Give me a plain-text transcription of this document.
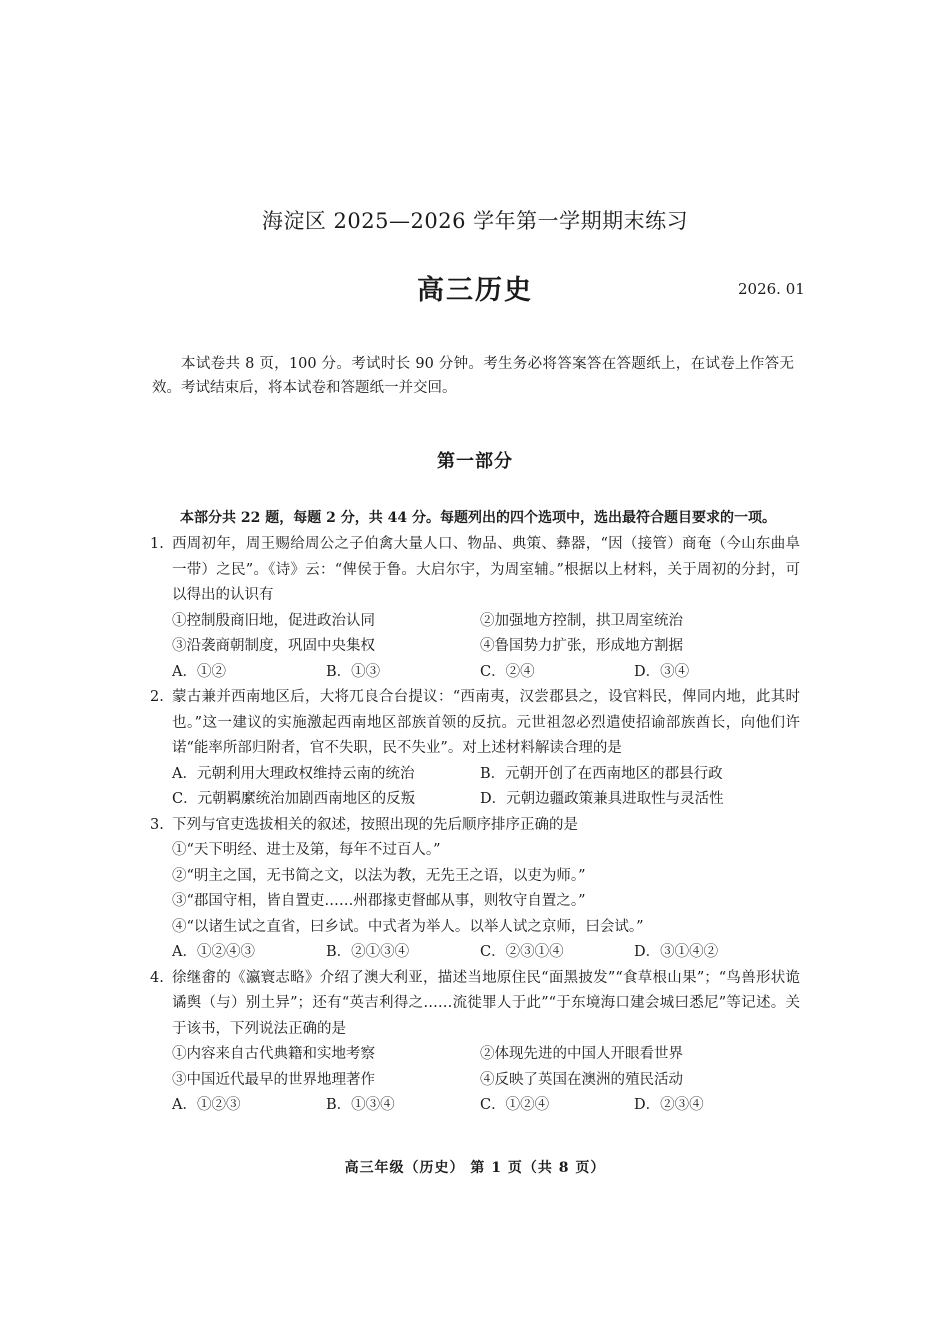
海淀区 2025—2026 学年第一学期期末练习
高三历史	2026. 01
本试卷共 8 页，100 分。考试时长 90 分钟。考生务必将答案答在答题纸上，在试卷上作答无效。考试结束后，将本试卷和答题纸一并交回。
第一部分
本部分共 22 题，每题 2 分，共 44 分。每题列出的四个选项中，选出最符合题目要求的一项。
1. 西周初年，周王赐给周公之子伯禽大量人口、物品、典策、彝器，“因（接管）商奄（今山东曲阜一带）之民”。《诗》云：“俾侯于鲁。大启尔宇，为周室辅。”根据以上材料，关于周初的分封，可以得出的认识有
①控制殷商旧地，促进政治认同	②加强地方控制，拱卫周室统治
③沿袭商朝制度，巩固中央集权	④鲁国势力扩张，形成地方割据
A．①②	B．①③	C．②④	D．③④
2. 蒙古兼并西南地区后，大将兀良合台提议：“西南夷，汉尝郡县之，设官料民，俾同内地，此其时也。”这一建议的实施激起西南地区部族首领的反抗。元世祖忽必烈遣使招谕部族酋长，向他们许诺“能率所部归附者，官不失职，民不失业”。对上述材料解读合理的是
A．元朝利用大理政权维持云南的统治	B．元朝开创了在西南地区的郡县行政
C．元朝羁縻统治加剧西南地区的反叛	D．元朝边疆政策兼具进取性与灵活性
3. 下列与官吏选拔相关的叙述，按照出现的先后顺序排序正确的是
①“天下明经、进士及第，每年不过百人。”
②“明主之国，无书简之文，以法为教，无先王之语，以吏为师。”
③“郡国守相，皆自置吏……州郡掾吏督邮从事，则牧守自置之。”
④“以诸生试之直省，曰乡试。中式者为举人。以举人试之京师，曰会试。”
A．①②④③	B．②①③④	C．②③①④	D．③①④②
4. 徐继畬的《瀛寰志略》介绍了澳大利亚，描述当地原住民“面黑披发”“食草根山果”；“鸟兽形状诡谲舆（与）别土异”；还有“英吉利得之……流徙罪人于此”“于东境海口建会城曰悉尼”等记述。关于该书，下列说法正确的是
①内容来自古代典籍和实地考察	②体现先进的中国人开眼看世界
③中国近代最早的世界地理著作	④反映了英国在澳洲的殖民活动
A．①②③	B．①③④	C．①②④	D．②③④
高三年级（历史） 第 1 页（共 8 页）
